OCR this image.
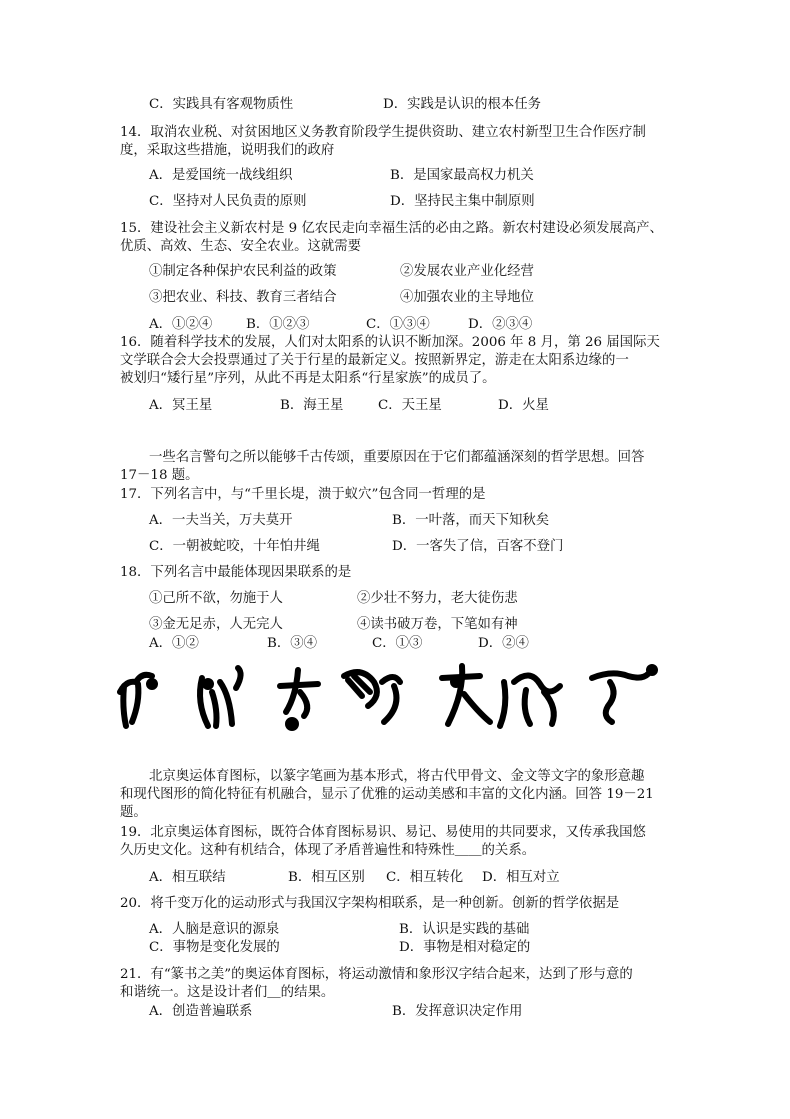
C．实践具有客观物质性	D．实践是认识的根本任务
14．取消农业税、对贫困地区义务教育阶段学生提供资助、建立农村新型卫生合作医疗制
度，采取这些措施，说明我们的政府
A．是爱国统一战线组织	B．是国家最高权力机关
C．坚持对人民负责的原则	D．坚持民主集中制原则
15．建设社会主义新农村是 9 亿农民走向幸福生活的必由之路。新农村建设必须发展高产、
优质、高效、生态、安全农业。这就需要
①制定各种保护农民利益的政策	②发展农业产业化经营
③把农业、科技、教育三者结合	④加强农业的主导地位
A．①②④	B．①②③	C．①③④	D．②③④
16．随着科学技术的发展，人们对太阳系的认识不断加深。2006 年 8 月，第 26 届国际天
文学联合会大会投票通过了关于行星的最新定义。按照新界定，游走在太阳系边缘的一
被划归“矮行星”序列，从此不再是太阳系“行星家族”的成员了。
A．冥王星	B．海王星	C．天王星	D．火星
一些名言警句之所以能够千古传颂，重要原因在于它们都蕴涵深刻的哲学思想。回答
17－18 题。
17．下列名言中，与“千里长堤，溃于蚁穴”包含同一哲理的是
A．一夫当关，万夫莫开	B．一叶落，而天下知秋矣
C．一朝被蛇咬，十年怕井绳	D．一客失了信，百客不登门
18．下列名言中最能体现因果联系的是
①己所不欲，勿施于人	②少壮不努力，老大徒伤悲
③金无足赤，人无完人	④读书破万卷，下笔如有神
A．①②	B．③④	C．①③	D．②④
北京奥运体育图标，以篆字笔画为基本形式，将古代甲骨文、金文等文字的象形意趣
和现代图形的简化特征有机融合，显示了优雅的运动美感和丰富的文化内涵。回答 19－21
题。
19．北京奥运体育图标，既符合体育图标易识、易记、易使用的共同要求，又传承我国悠
久历史文化。这种有机结合，体现了矛盾普遍性和特殊性＿＿的关系。
A．相互联结	B．相互区别 C．相互转化 D．相互对立
20．将千变万化的运动形式与我国汉字架构相联系，是一种创新。创新的哲学依据是
A．人脑是意识的源泉	B．认识是实践的基础
C．事物是变化发展的	D．事物是相对稳定的
21．有“篆书之美”的奥运体育图标，将运动激情和象形汉字结合起来，达到了形与意的
和谐统一。这是设计者们＿的结果。
A．创造普遍联系	B．发挥意识决定作用
